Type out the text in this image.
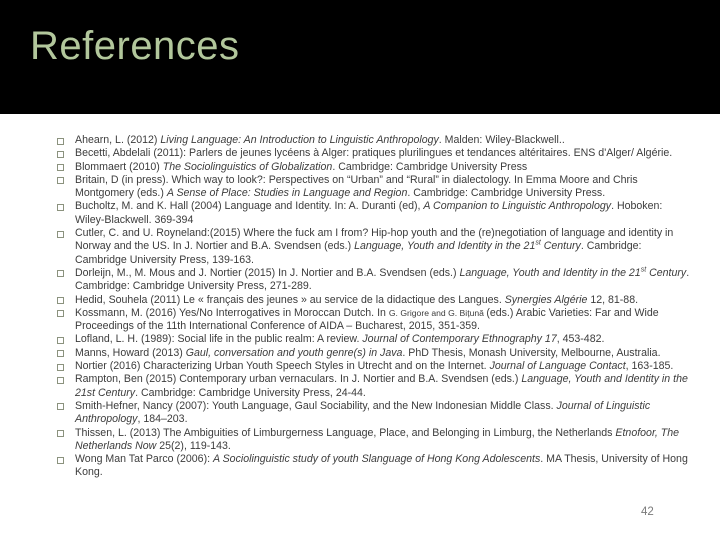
References
Ahearn, L. (2012) Living Language: An Introduction to Linguistic Anthropology. Malden: Wiley-Blackwell..
Becetti, Abdelali (2011): Parlers de jeunes lycéens à Alger: pratiques plurilingues et tendances altéritaires. ENS d'Alger/ Algérie.
Blommaert (2010) The Sociolinguistics of Globalization. Cambridge: Cambridge University Press
Britain, D (in press). Which way to look?: Perspectives on “Urban” and “Rural” in dialectology. In Emma Moore and Chris Montgomery (eds.) A Sense of Place: Studies in Language and Region. Cambridge: Cambridge University Press.
Bucholtz, M. and K. Hall (2004) Language and Identity. In: A. Duranti (ed), A Companion to Linguistic Anthropology. Hoboken: Wiley-Blackwell. 369-394
Cutler, C. and U. Royneland:(2015) Where the fuck am I from? Hip-hop youth and the (re)negotiation of language and identity in Norway and the US. In J. Nortier and B.A. Svendsen (eds.) Language, Youth and Identity in the 21st Century. Cambridge: Cambridge University Press, 139-163.
Dorleijn, M., M. Mous and J. Nortier (2015) In J. Nortier and B.A. Svendsen (eds.) Language, Youth and Identity in the 21st Century. Cambridge: Cambridge University Press, 271-289.
Hedid, Souhela (2011) Le « français des jeunes » au service de la didactique des Langues. Synergies Algérie 12, 81-88.
Kossmann, M. (2016) Yes/No Interrogatives in Moroccan Dutch. In G. Grigore and G. Bițună (eds.) Arabic Varieties: Far and Wide Proceedings of the 11th International Conference of AIDA – Bucharest, 2015, 351-359.
Lofland, L. H. (1989): Social life in the public realm: A review. Journal of Contemporary Ethnography 17, 453-482.
Manns, Howard (2013) Gaul, conversation and youth genre(s) in Java. PhD Thesis, Monash University, Melbourne, Australia.
Nortier (2016) Characterizing Urban Youth Speech Styles in Utrecht and on the Internet. Journal of Language Contact, 163-185.
Rampton, Ben (2015) Contemporary urban vernaculars. In J. Nortier and B.A. Svendsen (eds.) Language, Youth and Identity in the 21st Century. Cambridge: Cambridge University Press, 24-44.
Smith-Hefner, Nancy (2007): Youth Language, Gaul Sociability, and the New Indonesian Middle Class. Journal of Linguistic Anthropology, 184–203.
Thissen, L. (2013) The Ambiguities of Limburgerness Language, Place, and Belonging in Limburg, the Netherlands Etnofoor, The Netherlands Now 25(2), 119-143.
Wong Man Tat Parco (2006): A Sociolinguistic study of youth Slanguage of Hong Kong Adolescents. MA Thesis, University of Hong Kong.
42
